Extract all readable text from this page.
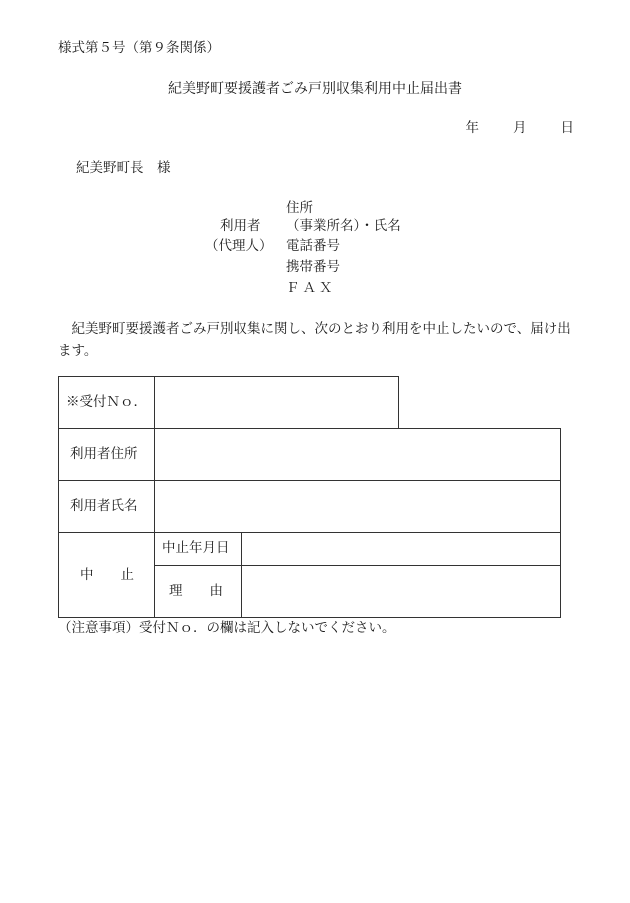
様式第５号（第９条関係）
紀美野町要援護者ごみ戸別収集利用中止届出書
年	月	日
紀美野町長　様
利用者
（代理人）
住所
（事業所名）・氏名
電話番号
携帯番号
ＦＡＸ
紀美野町要援護者ごみ戸別収集に関し、次のとおり利用を中止したいので、届け出ます。
※受付Ｎｏ．
利用者住所
利用者氏名
中　　止
中止年月日
理　　由
（注意事項）受付Ｎｏ．の欄は記入しないでください。
